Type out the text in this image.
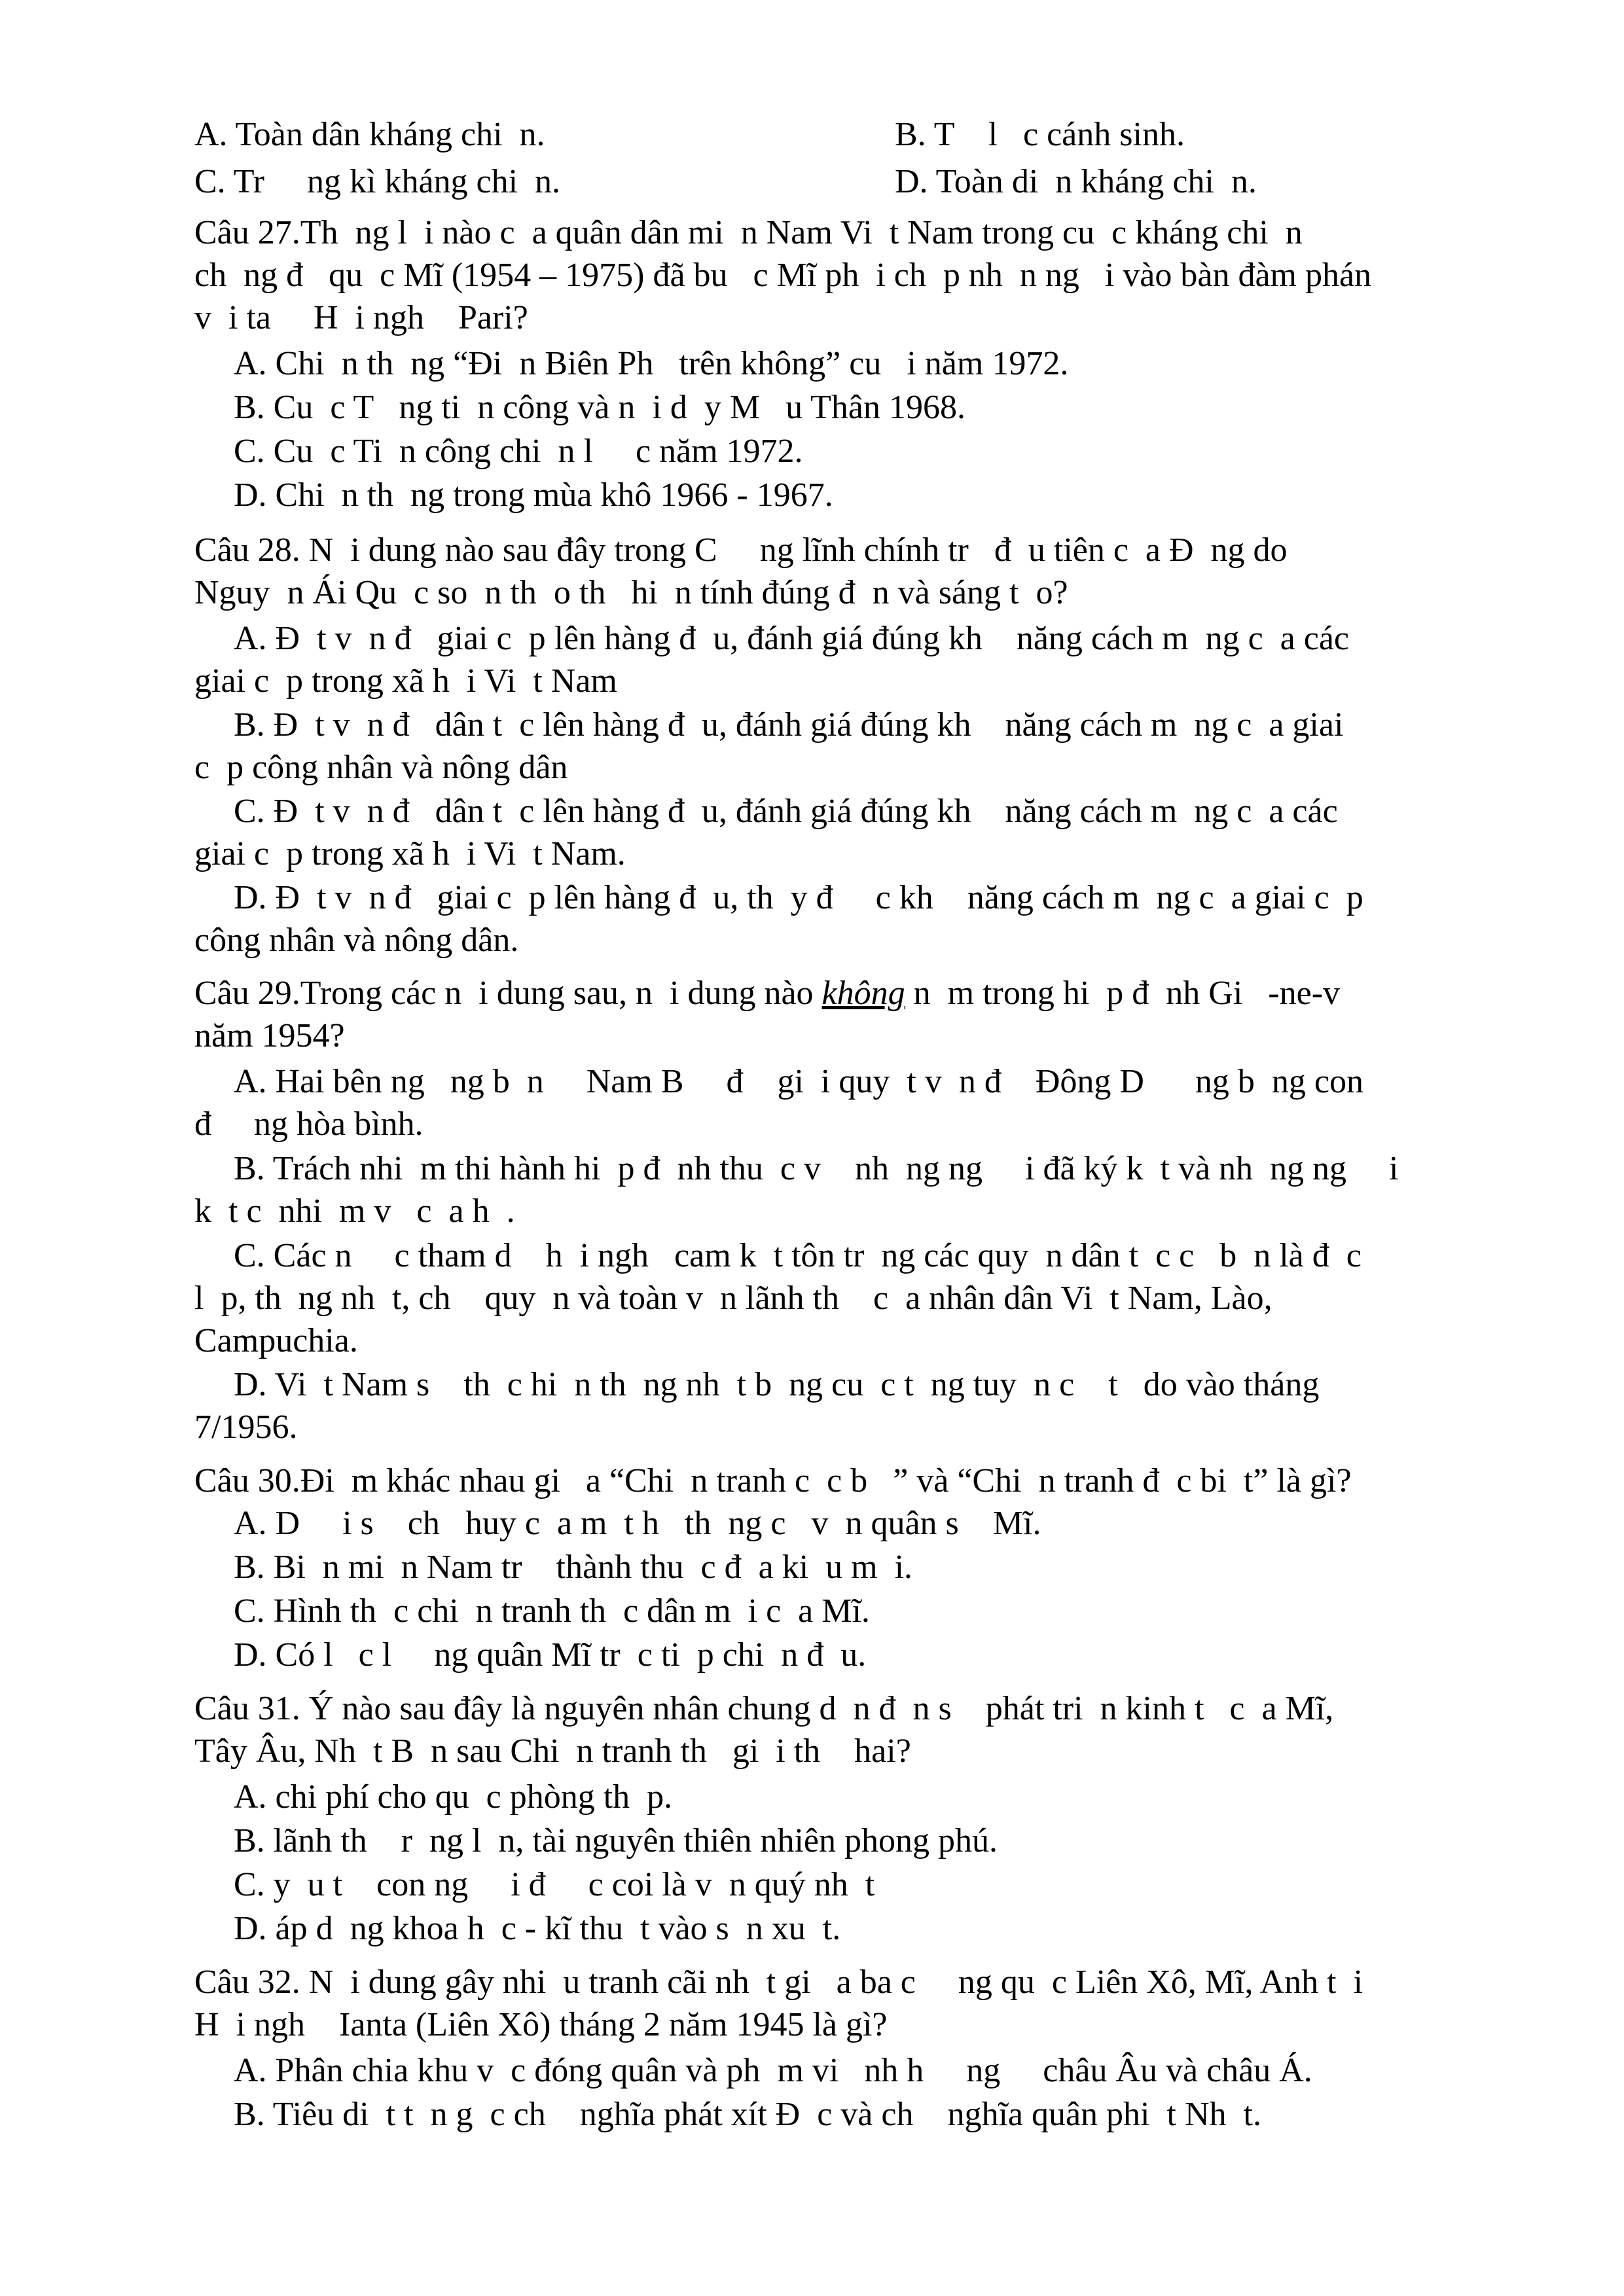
A. Toàn dân kháng chi  n.	B. T    l   c cánh sinh.
C. Tr     ng kì kháng chi  n.	D. Toàn di  n kháng chi  n.
Câu 27.Th  ng l  i nào c  a quân dân mi  n Nam Vi  t Nam trong cu  c kháng chi  n
ch  ng đ   qu  c Mĩ (1954 – 1975) đã bu   c Mĩ ph  i ch  p nh  n ng   i vào bàn đàm phán
v  i ta     H  i ngh    Pari?
A. Chi  n th  ng “Đi  n Biên Ph   trên không” cu   i năm 1972.
B. Cu  c T   ng ti  n công và n  i d  y M   u Thân 1968.
C. Cu  c Ti  n công chi  n l     c năm 1972.
D. Chi  n th  ng trong mùa khô 1966 - 1967.
Câu 28. N  i dung nào sau đây trong C     ng lĩnh chính tr   đ  u tiên c  a Đ  ng do
Nguy  n Ái Qu  c so  n th  o th   hi  n tính đúng đ  n và sáng t  o?
A. Đ  t v  n đ   giai c  p lên hàng đ  u, đánh giá đúng kh    năng cách m  ng c  a các
giai c  p trong xã h  i Vi  t Nam
B. Đ  t v  n đ   dân t  c lên hàng đ  u, đánh giá đúng kh    năng cách m  ng c  a giai
c  p công nhân và nông dân
C. Đ  t v  n đ   dân t  c lên hàng đ  u, đánh giá đúng kh    năng cách m  ng c  a các
giai c  p trong xã h  i Vi  t Nam.
D. Đ  t v  n đ   giai c  p lên hàng đ  u, th  y đ     c kh    năng cách m  ng c  a giai c  p
công nhân và nông dân.
Câu 29.Trong các n  i dung sau, n  i dung nào không n  m trong hi  p đ  nh Gi   -ne-v
năm 1954?
A. Hai bên ng   ng b  n     Nam B     đ    gi  i quy  t v  n đ    Đông D      ng b  ng con
đ     ng hòa bình.
B. Trách nhi  m thi hành hi  p đ  nh thu  c v    nh  ng ng     i đã ký k  t và nh  ng ng     i
k  t c  nhi  m v   c  a h  .
C. Các n     c tham d    h  i ngh   cam k  t tôn tr  ng các quy  n dân t  c c   b  n là đ  c
l  p, th  ng nh  t, ch    quy  n và toàn v  n lãnh th    c  a nhân dân Vi  t Nam, Lào,
Campuchia.
D. Vi  t Nam s    th  c hi  n th  ng nh  t b  ng cu  c t  ng tuy  n c    t   do vào tháng
7/1956.
Câu 30.Đi  m khác nhau gi   a “Chi  n tranh c  c b   ” và “Chi  n tranh đ  c bi  t” là gì?
A. D     i s    ch   huy c  a m  t h   th  ng c   v  n quân s    Mĩ.
B. Bi  n mi  n Nam tr    thành thu  c đ  a ki  u m  i.
C. Hình th  c chi  n tranh th  c dân m  i c  a Mĩ.
D. Có l   c l     ng quân Mĩ tr  c ti  p chi  n đ  u.
Câu 31. Ý nào sau đây là nguyên nhân chung d  n đ  n s    phát tri  n kinh t   c  a Mĩ,
Tây Âu, Nh  t B  n sau Chi  n tranh th   gi  i th    hai?
A. chi phí cho qu  c phòng th  p.
B. lãnh th    r  ng l  n, tài nguyên thiên nhiên phong phú.
C. y  u t    con ng     i đ     c coi là v  n quý nh  t
D. áp d  ng khoa h  c - kĩ thu  t vào s  n xu  t.
Câu 32. N  i dung gây nhi  u tranh cãi nh  t gi   a ba c     ng qu  c Liên Xô, Mĩ, Anh t  i
H  i ngh    Ianta (Liên Xô) tháng 2 năm 1945 là gì?
A. Phân chia khu v  c đóng quân và ph  m vi   nh h     ng     châu Âu và châu Á.
B. Tiêu di  t t  n g  c ch    nghĩa phát xít Đ  c và ch    nghĩa quân phi  t Nh  t.
